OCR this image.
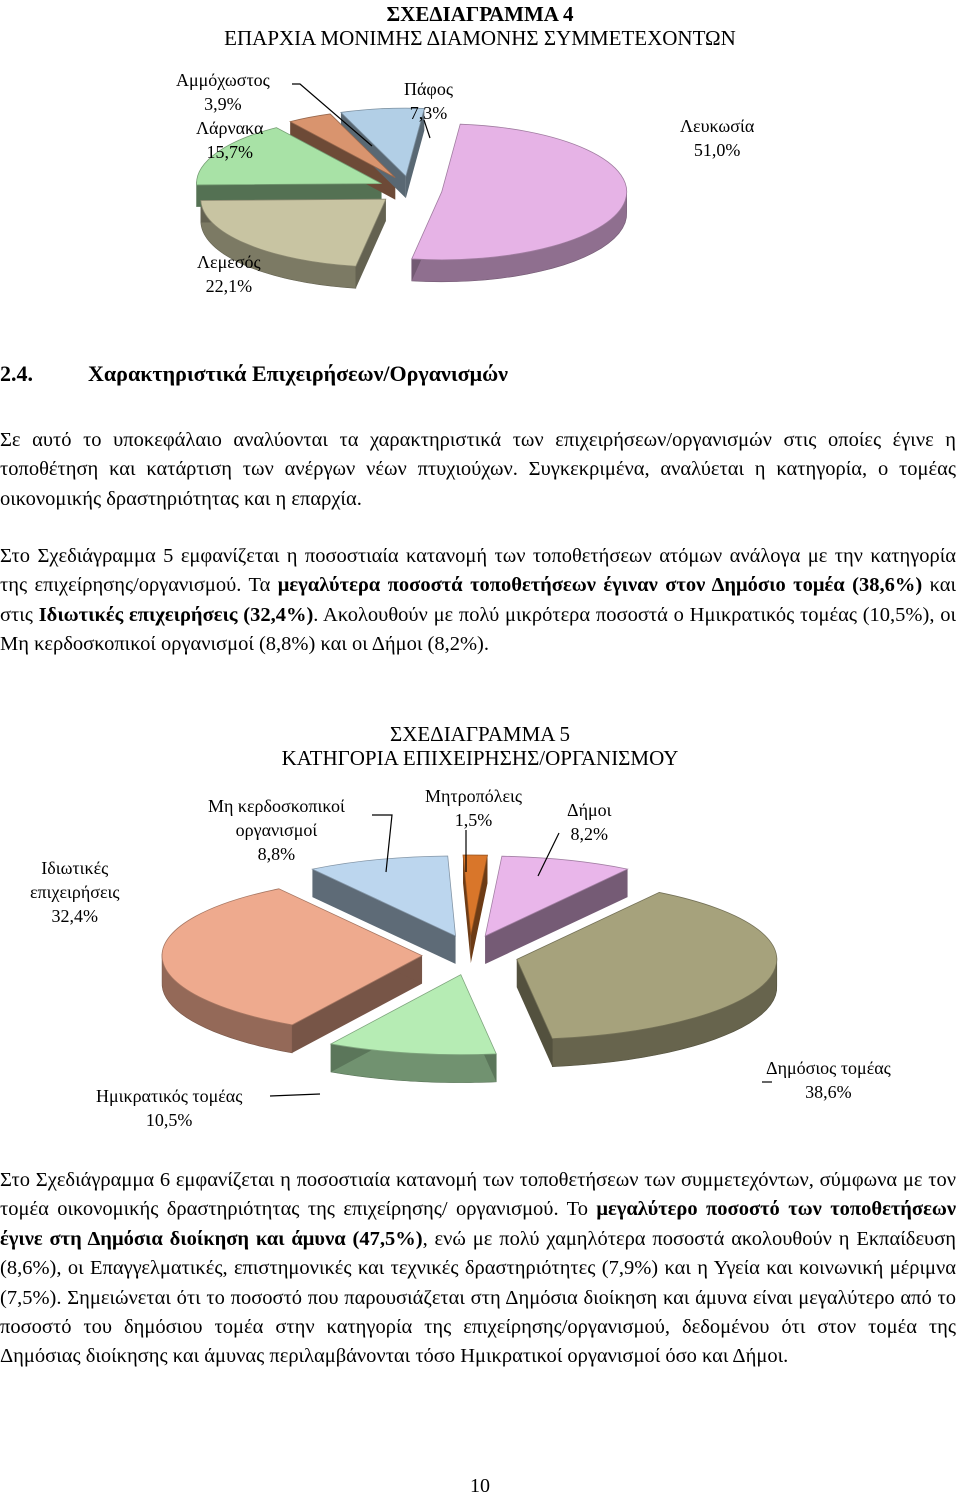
ΣΧΕΔΙΑΓΡΑΜΜΑ 4
ΕΠΑΡΧΙΑ ΜΟΝΙΜΗΣ ΔΙΑΜΟΝΗΣ ΣΥΜΜΕΤΕΧΟΝΤΩΝ
Αμμόχωστος
3,9%
Λάρνακα
15,7%
Πάφος
7,3%
Λευκωσία
51,0%
Λεμεσός
22,1%
2.4.	Χαρακτηριστικά Επιχειρήσεων/Οργανισμών
Σε αυτό το υποκεφάλαιο αναλύονται τα χαρακτηριστικά των επιχειρήσεων/οργανισμών στις οποίες έγινε η τοποθέτηση και κατάρτιση των ανέργων νέων πτυχιούχων. Συγκεκριμένα, αναλύεται η κατηγορία, ο τομέας οικονομικής δραστηριότητας και η επαρχία.
Στο Σχεδιάγραμμα 5 εμφανίζεται η ποσοστιαία κατανομή των τοποθετήσεων ατόμων ανάλογα με την κατηγορία της επιχείρησης/οργανισμού. Τα μεγαλύτερα ποσοστά τοποθετήσεων έγιναν στον Δημόσιο τομέα (38,6%) και στις Ιδιωτικές επιχειρήσεις (32,4%). Ακολουθούν με πολύ μικρότερα ποσοστά ο Ημικρατικός τομέας (10,5%), οι Μη κερδοσκοπικοί οργανισμοί (8,8%) και οι Δήμοι (8,2%).
ΣΧΕΔΙΑΓΡΑΜΜΑ 5
ΚΑΤΗΓΟΡΙΑ ΕΠΙΧΕΙΡΗΣΗΣ/ΟΡΓΑΝΙΣΜΟΥ
Μη κερδοσκοπικοί
οργανισμοί
8,8%
Μητροπόλεις
1,5%	Δήμοι
8,2%
Ιδιωτικές
επιχειρήσεις
32,4%
Ημικρατικός τομέας
10,5%
Δημόσιος τομέας
38,6%
Στο Σχεδιάγραμμα 6 εμφανίζεται η ποσοστιαία κατανομή των τοποθετήσεων των συμμετεχόντων, σύμφωνα με τον τομέα οικονομικής δραστηριότητας της επιχείρησης/ οργανισμού. Το μεγαλύτερο ποσοστό των τοποθετήσεων έγινε στη Δημόσια διοίκηση και άμυνα (47,5%), ενώ με πολύ χαμηλότερα ποσοστά ακολουθούν η Εκπαίδευση (8,6%), οι Επαγγελματικές, επιστημονικές και τεχνικές δραστηριότητες (7,9%) και η Υγεία και κοινωνική μέριμνα (7,5%). Σημειώνεται ότι το ποσοστό που παρουσιάζεται στη Δημόσια διοίκηση και άμυνα είναι μεγαλύτερο από το ποσοστό του δημόσιου τομέα στην κατηγορία της επιχείρησης/οργανισμού, δεδομένου ότι στον τομέα της Δημόσιας διοίκησης και άμυνας περιλαμβάνονται τόσο Ημικρατικοί οργανισμοί όσο και Δήμοι.
10
